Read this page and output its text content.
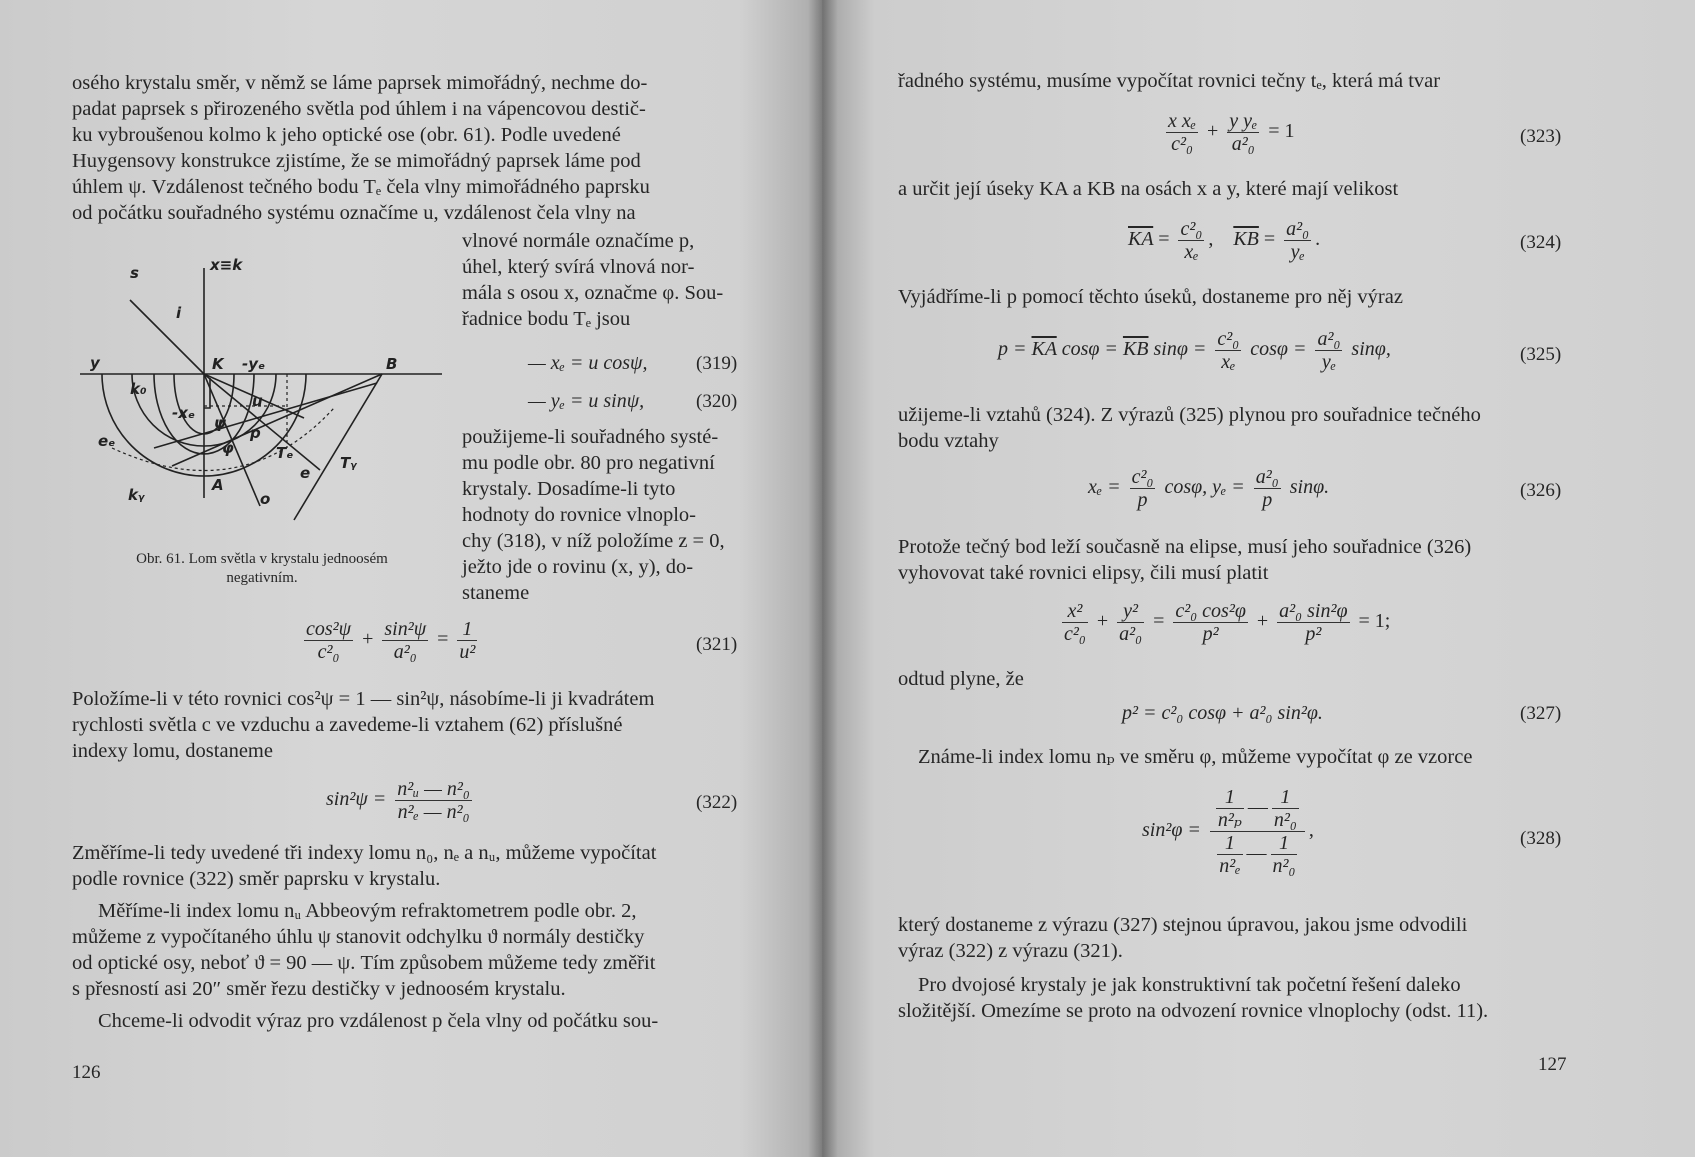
osého krystalu směr, v němž se láme paprsek mimořádný, nechme do-
padat paprsek s přirozeného světla pod úhlem i na vápencovou destič-
ku vybroušenou kolmo k jeho optické ose (obr. 61). Podle uvedené
Huygensovy konstrukce zjistíme, že se mimořádný paprsek láme pod
úhlem ψ. Vzdálenost tečného bodu Tₑ čela vlny mimořádného paprsku
od počátku souřadného systému označíme u, vzdálenost čela vlny na
vlnové normále označíme p,
úhel, který svírá vlnová nor-
mála s osou x, označme φ. Sou-
řadnice bodu Tₑ jsou
— xₑ = u cosψ,	(319)
— yₑ = u sinψ,	(320)
použijeme-li souřadného systé-
mu podle obr. 80 pro negativní
krystaly. Dosadíme-li tyto
hodnoty do rovnice vlnoplo-
chy (318), v níž položíme z = 0,
ježto jde o rovinu (x, y), do-
staneme
s	x≡k
i
y	K -yₑ	B
k₀
-xₑ
ψ
u
φ
p
eₑ
Tₑ
e
Tᵧ
A
o
kᵧ
Obr. 61. Lom světla v krystalu jednoosém
negativním.
$\frac{\text{cos²ψ}}{\text{c²₀}} + \frac{\text{sin²ψ}}{\text{a²₀}} = \frac{1}{\text{u²}}$	(321)
Položíme-li v této rovnici cos²ψ = 1 — sin²ψ, násobíme-li ji kvadrátem
rychlosti světla c ve vzduchu a zavedeme-li vztahem (62) příslušné
indexy lomu, dostaneme
$\sin^2\psi = \frac{\text{n²ᵤ — n²₀}}{\text{n²ₑ — n²₀}}$	(322)
Změříme-li tedy uvedené tři indexy lomu n₀, nₑ a nᵤ, můžeme vypočítat
podle rovnice (322) směr paprsku v krystalu.
Měříme-li index lomu nᵤ Abbeovým refraktometrem podle obr. 2,
můžeme z vypočítaného úhlu ψ stanovit odchylku ϑ normály destičky
od optické osy, neboť ϑ = 90 — ψ. Tím způsobem můžeme tedy změřit
s přesností asi 20″ směr řezu destičky v jednoosém krystalu.
Chceme-li odvodit výraz pro vzdálenost p čela vlny od počátku sou-
126
řadného systému, musíme vypočítat rovnici tečny tₑ, která má tvar
$\frac{\text{x xₑ}}{\text{c²₀}} + \frac{\text{y yₑ}}{\text{a²₀}} = 1$	(323)
a určit její úseky KA a KB na osách x a y, které mají velikost
$\overline{KA} = \frac{\text{c²₀}}{\text{xₑ}}$ , $\overline{KB} = \frac{\text{a²₀}}{\text{yₑ}}$ .	(324)
Vyjádříme-li p pomocí těchto úseků, dostaneme pro něj výraz
$p = \overline{KA}$ $\cos\varphi = \overline{KB}$ $\sin\varphi = \frac{\text{c²₀}}{\text{xₑ}}$ $\cos\varphi = \frac{\text{a²₀}}{\text{yₑ}} \sin\varphi$,	(325)
užijeme-li vztahů (324). Z výrazů (325) plynou pro souřadnice tečného
bodu vztahy
$x_e = \frac{\text{c²₀}}{p} \cos\varphi$, $y_e = \frac{\text{a²₀}}{p} \sin\varphi$.	(326)
Protože tečný bod leží současně na elipse, musí jeho souřadnice (326)
vyhovovat také rovnici elipsy, čili musí platit
$\frac{\text{x²}}{\text{c²₀}} + \frac{\text{y²}}{\text{a²₀}} = \frac{\text{c²₀ cos²φ}}{\text{p²}} + \frac{\text{a²₀ sin²φ}}{\text{p²}} = 1$;
odtud plyne, že
p² = c²₀ cosφ + a²₀ sin²φ.	(327)
Známe-li index lomu nₚ ve směru φ, můžeme vypočítat φ ze vzorce
$\sin^2\varphi = \frac{\frac{1}{\text{n²ₚ}} — \frac{1}{\text{n²₀}}}{\frac{1}{\text{n²ₑ}} — \frac{1}{\text{n²₀}}}$ ,	(328)
který dostaneme z výrazu (327) stejnou úpravou, jakou jsme odvodili
výraz (322) z výrazu (321).
Pro dvojosé krystaly je jak konstruktivní tak početní řešení daleko
složitější. Omezíme se proto na odvození rovnice vlnoplochy (odst. 11).
127
